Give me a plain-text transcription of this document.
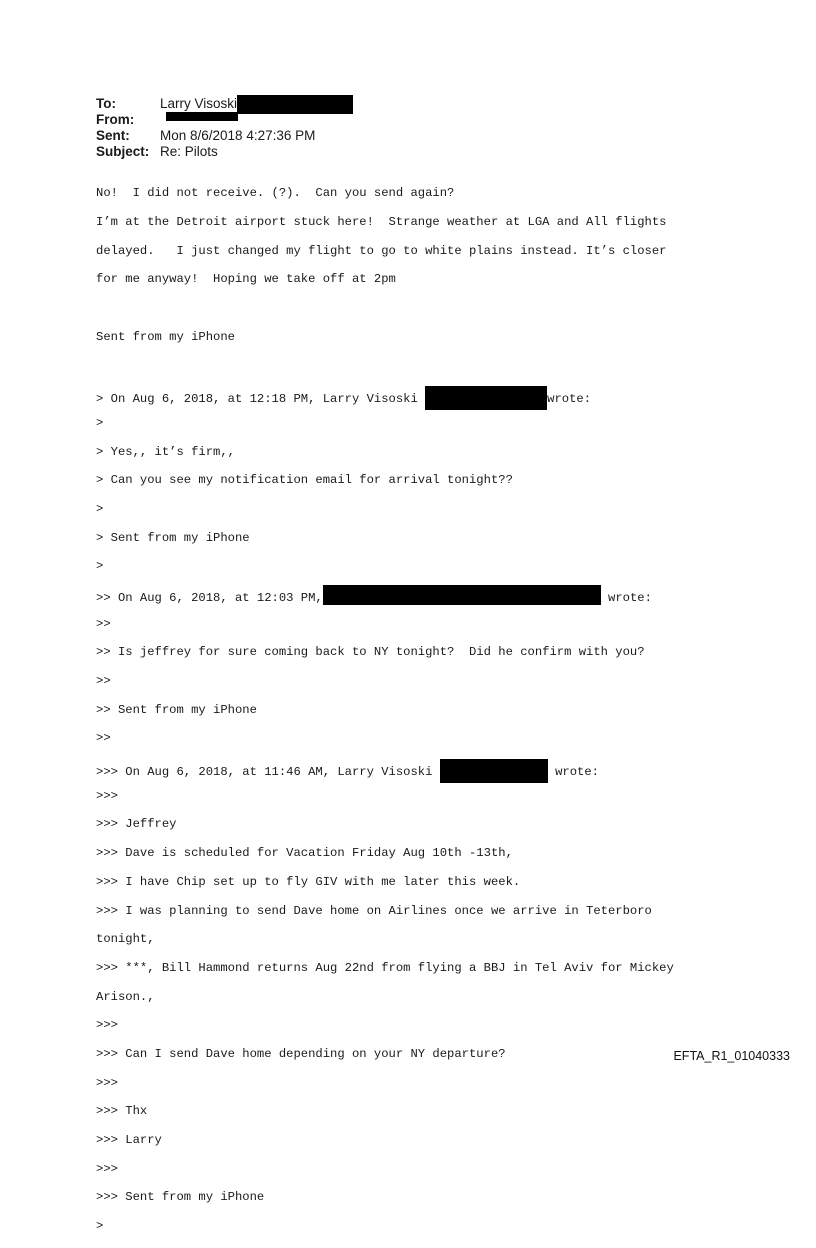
To:	Larry Visoski
From:
Sent:	Mon 8/6/2018 4:27:36 PM
Subject: Re: Pilots

No!  I did not receive. (?).  Can you send again?

I’m at the Detroit airport stuck here!  Strange weather at LGA and All flights

delayed.   I just changed my flight to go to white plains instead. It’s closer

for me anyway!  Hoping we take off at 2pm

Sent from my iPhone

> On Aug 6, 2018, at 12:18 PM, Larry Visoski	wrote:

>

> Yes,, it’s firm,,

> Can you see my notification email for arrival tonight??

>

> Sent from my iPhone

>

>> On Aug 6, 2018, at 12:03 PM,	wrote:

>>

>> Is jeffrey for sure coming back to NY tonight?  Did he confirm with you?

>>

>> Sent from my iPhone

>>

>>> On Aug 6, 2018, at 11:46 AM, Larry Visoski	wrote:

>>>

>>> Jeffrey

>>> Dave is scheduled for Vacation Friday Aug 10th -13th,

>>> I have Chip set up to fly GIV with me later this week.

>>> I was planning to send Dave home on Airlines once we arrive in Teterboro

tonight,

>>> ***, Bill Hammond returns Aug 22nd from flying a BBJ in Tel Aviv for Mickey

Arison.,

>>>

>>> Can I send Dave home depending on your NY departure?

>>>

>>> Thx

>>> Larry

>>>

>>> Sent from my iPhone

>

EFTA_R1_01040333
